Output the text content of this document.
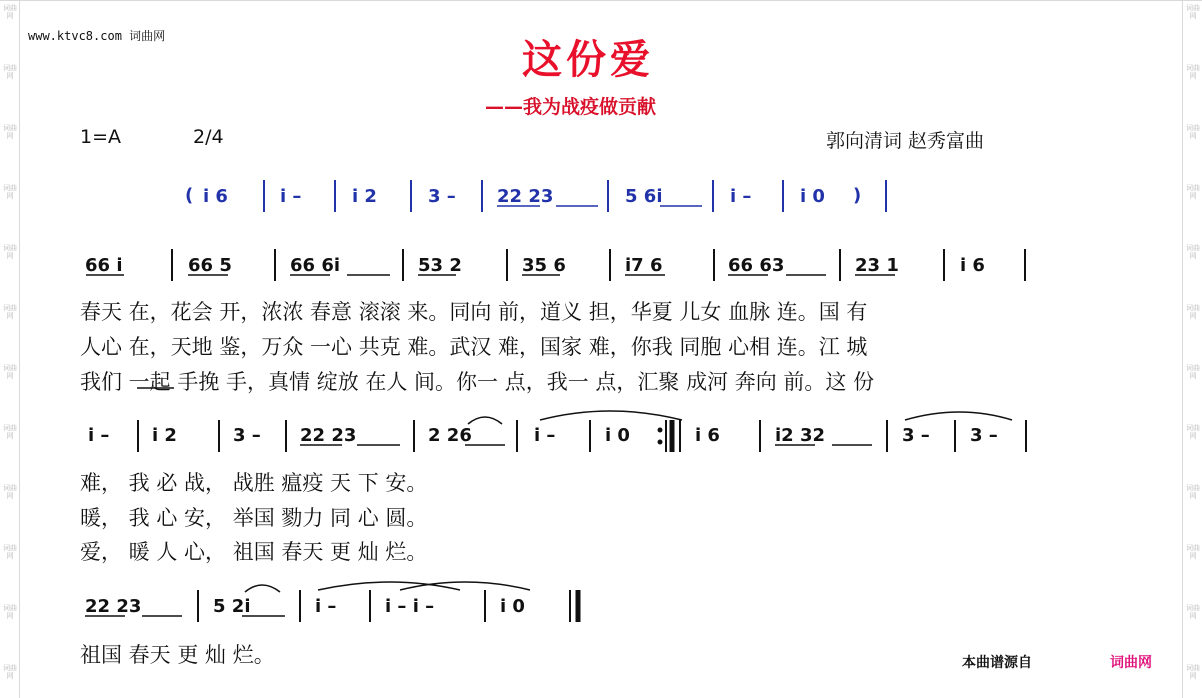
词曲网
词曲网
词曲网
词曲网
词曲网
词曲网
词曲网
词曲网
词曲网
词曲网
词曲网
词曲网
词曲网
词曲网
词曲网
词曲网
词曲网
词曲网
词曲网
词曲网
词曲网
词曲网
词曲网
词曲网
www.ktvc8.com 词曲网	这份爱
——我为战疫做贡献
1=A	2/4	郭向清词 赵秀富曲
(	)
i 6	i –	i 2	3 – 22 23	5 6i	i –	i 0
66 i	66 5	66 6i	53 2	35 6	i7 6	66 63	23 1	i 6
春天 在，花会 开，浓浓 春意 滚滚 来。同向 前，道义 担，华夏 儿女 血脉 连。国 有
人心 在，天地 鉴，万众 一心 共克 难。武汉 难，国家 难，你我 同胞 心相 连。江 城
我们 一起 手挽 手，真情 绽放 在人 间。你一 点，我一 点，汇聚 成河 奔向 前。这 份
i – i 2	3 – 22 23	2 26	i –	i 0	i 6	i2 32	3 – 3 –
难， 我 必 战， 战胜 瘟疫 天 下 安。
暖， 我 心 安， 举国 勠力 同 心 圆。
爱， 暖 人 心， 祖国 春天 更 灿 烂。
22 23	5 2i	i –	i – i –	i 0
祖国 春天 更 灿 烂。	本曲谱源自	词曲网
